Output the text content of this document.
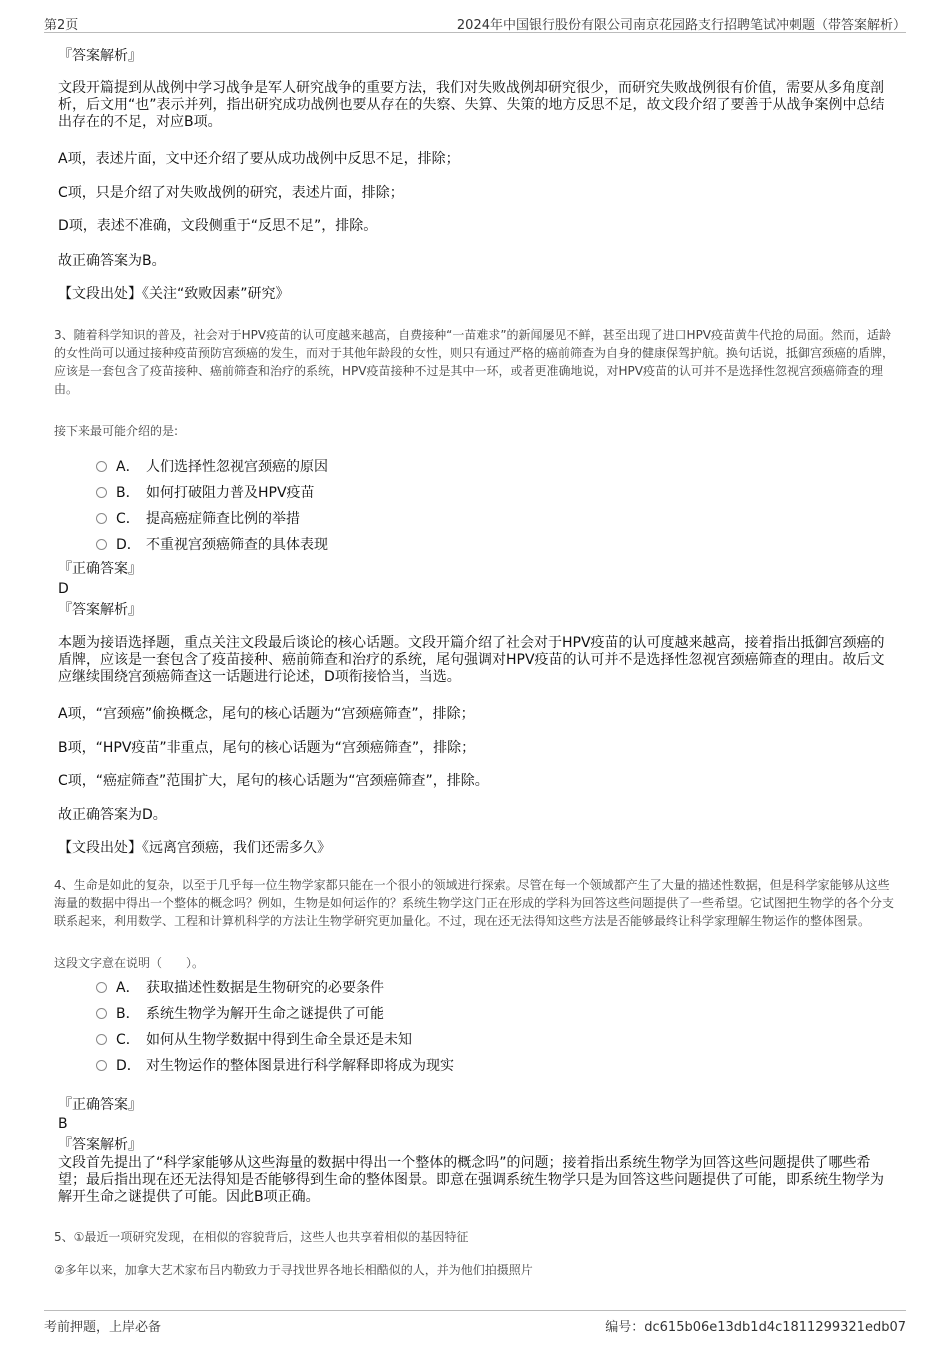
第2页	2024年中国银行股份有限公司南京花园路支行招聘笔试冲刺题（带答案解析）
『答案解析』
文段开篇提到从战例中学习战争是军人研究战争的重要方法，我们对失败战例却研究很少，而研究失败战例很有价值，需要从多角度剖析，后文用“也”表示并列，指出研究成功战例也要从存在的失察、失算、失策的地方反思不足，故文段介绍了要善于从战争案例中总结出存在的不足，对应B项。
A项，表述片面，文中还介绍了要从成功战例中反思不足，排除；
C项，只是介绍了对失败战例的研究，表述片面，排除；
D项，表述不准确，文段侧重于“反思不足”，排除。
故正确答案为B。
【文段出处】《关注“致败因素”研究》
3、随着科学知识的普及，社会对于HPV疫苗的认可度越来越高，自费接种“一苗难求”的新闻屡见不鲜，甚至出现了进口HPV疫苗黄牛代抢的局面。然而，适龄的女性尚可以通过接种疫苗预防宫颈癌的发生，而对于其他年龄段的女性，则只有通过严格的癌前筛查为自身的健康保驾护航。换句话说，抵御宫颈癌的盾牌，应该是一套包含了疫苗接种、癌前筛查和治疗的系统，HPV疫苗接种不过是其中一环，或者更准确地说，对HPV疫苗的认可并不是选择性忽视宫颈癌筛查的理由。
接下来最可能介绍的是:
A． 人们选择性忽视宫颈癌的原因
B． 如何打破阻力普及HPV疫苗
C． 提高癌症筛查比例的举措
D． 不重视宫颈癌筛查的具体表现
『正确答案』
D
『答案解析』
本题为接语选择题，重点关注文段最后谈论的核心话题。文段开篇介绍了社会对于HPV疫苗的认可度越来越高，接着指出抵御宫颈癌的盾牌，应该是一套包含了疫苗接种、癌前筛查和治疗的系统，尾句强调对HPV疫苗的认可并不是选择性忽视宫颈癌筛查的理由。故后文应继续围绕宫颈癌筛查这一话题进行论述，D项衔接恰当，当选。
A项，“宫颈癌”偷换概念，尾句的核心话题为“宫颈癌筛查”，排除；
B项，“HPV疫苗”非重点，尾句的核心话题为“宫颈癌筛查”，排除；
C项，“癌症筛查”范围扩大，尾句的核心话题为“宫颈癌筛查”，排除。
故正确答案为D。
【文段出处】《远离宫颈癌，我们还需多久》
4、生命是如此的复杂，以至于几乎每一位生物学家都只能在一个很小的领域进行探索。尽管在每一个领域都产生了大量的描述性数据，但是科学家能够从这些海量的数据中得出一个整体的概念吗？例如，生物是如何运作的？系统生物学这门正在形成的学科为回答这些问题提供了一些希望。它试图把生物学的各个分支联系起来，利用数学、工程和计算机科学的方法让生物学研究更加量化。不过，现在还无法得知这些方法是否能够最终让科学家理解生物运作的整体图景。
这段文字意在说明（　　）。
A． 获取描述性数据是生物研究的必要条件
B． 系统生物学为解开生命之谜提供了可能
C． 如何从生物学数据中得到生命全景还是未知
D． 对生物运作的整体图景进行科学解释即将成为现实
『正确答案』
B
『答案解析』
文段首先提出了“科学家能够从这些海量的数据中得出一个整体的概念吗”的问题；接着指出系统生物学为回答这些问题提供了哪些希望；最后指出现在还无法得知是否能够得到生命的整体图景。即意在强调系统生物学只是为回答这些问题提供了可能，即系统生物学为解开生命之谜提供了可能。因此B项正确。
5、①最近一项研究发现，在相似的容貌背后，这些人也共享着相似的基因特征
②多年以来，加拿大艺术家布吕内勒致力于寻找世界各地长相酷似的人，并为他们拍摄照片
考前押题，上岸必备	编号：dc615b06e13db1d4c1811299321edb07
